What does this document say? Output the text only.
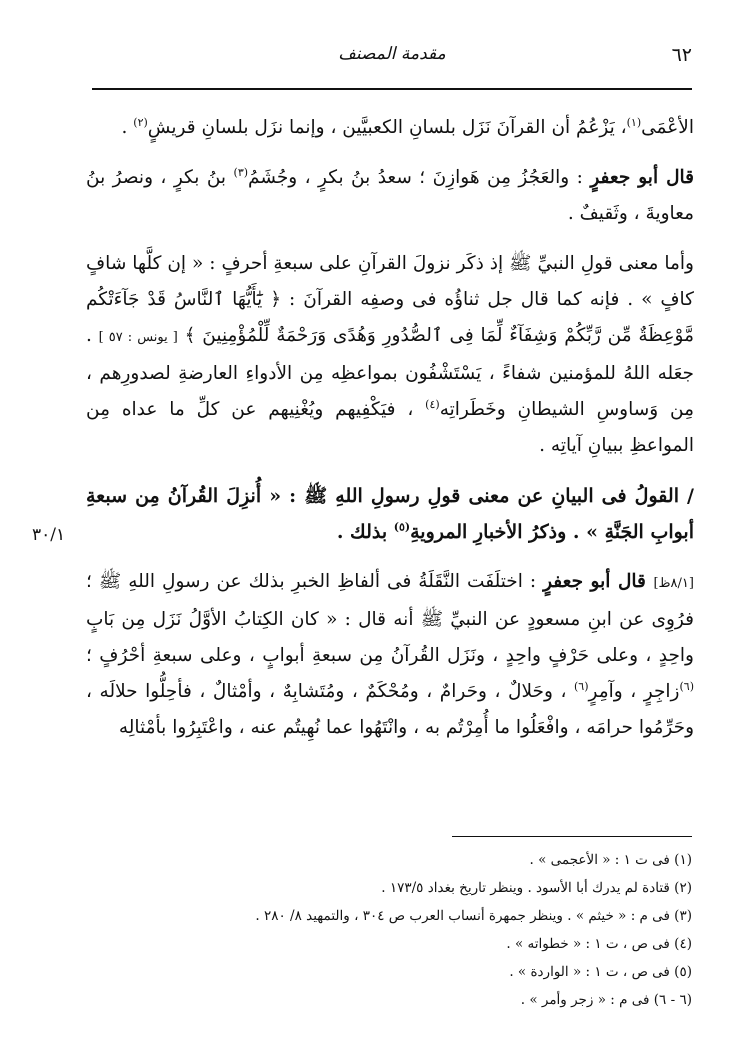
٦٢
مقدمة المصنف
٣٠/١

الأعْمَى$^{(١)}$، يَزْعُمُ أن القرآنَ نَزَل بلسانِ الكعبيَّين ، وإنما نزَل بلسانِ قريشٍ$^{(٢)}$ .

قال أبو جعفرٍ : والعَجُزُ مِن هَوازِنَ ؛ سعدُ بنُ بكرٍ ، وجُشَمُ$^{(٣)}$ بنُ بكرٍ ، ونصرُ بنُ معاويةَ ، وثَقيفٌ .

وأما معنى قولِ النبيِّ ﷺ إذ ذكَر نزولَ القرآنِ على سبعةِ أحرفٍ : « إن كلَّها شافٍ كافٍ » . فإنه كما قال جل ثناؤُه فى وصفِه القرآنَ : ﴿ يَٰٓأَيُّهَا ٱلنَّاسُ قَدْ جَآءَتْكُم مَّوْعِظَةٌ مِّن رَّبِّكُمْ وَشِفَآءٌ لِّمَا فِى ٱلصُّدُورِ وَهُدًى وَرَحْمَةٌ لِّلْمُؤْمِنِينَ ﴾ [ يونس : ٥٧ ] . جعَله اللهُ للمؤمنين شفاءً ، يَسْتَشْفُون بمواعظِه مِن الأدواءِ العارضةِ لصدورِهم ، مِن وَساوسِ الشيطانِ وخَطَراتِه$^{(٤)}$ ، فيَكْفِيهم ويُغْنِيهم عن كلِّ ما عداه مِن المواعظِ ببيانِ آياتِه .

/ القولُ فى البيانِ عن معنى قولِ رسولِ اللهِ ﷺ : « أُنزِلَ القُرآنُ مِن سبعةِ أبوابِ الجَنَّةِ » . وذكرُ الأخبارِ المرويةِ$^{(٥)}$ بذلك .

[٨/١ظ] قال أبو جعفرٍ : اختلَفَت النَّقَلَةُ فى ألفاظِ الخبرِ بذلك عن رسولِ اللهِ ﷺ ؛ فرُوِى عن ابنِ مسعودٍ عن النبيِّ ﷺ أنه قال : « كان الكِتابُ الأوَّلُ نَزَل مِن بَابٍ واحِدٍ ، وعلى حَرْفٍ واحِدٍ ، ونَزَل القُرآنُ مِن سبعةِ أبوابٍ ، وعلى سبعةِ أحْرُفٍ ؛ $^{(٦)}$زاجِرٍ ، وآمِرٍ$^{(٦)}$ ، وحَلالٌ ، وحَرامٌ ، ومُحْكَمٌ ، ومُتَشابِهٌ ، وأمْثالٌ ، فأحِلُّوا حلالَه ، وحَرِّمُوا حرامَه ، وافْعَلُوا ما أُمِرْتُم به ، وانْتَهُوا عما نُهِيتُم عنه ، واعْتَبِرُوا بأمْثالِه

(١) فى ت ١ : « الأعجمى » .
(٢) قتادة لم يدرك أبا الأسود . وينظر تاريخ بغداد ١٧٣/٥ .
(٣) فى م : « خيثم » . وينظر جمهرة أنساب العرب ص ٣٠٤ ، والتمهيد ٨/ ٢٨٠ .
(٤) فى ص ، ت ١ : « خطواته » .
(٥) فى ص ، ت ١ : « الواردة » .
(٦ - ٦) فى م : « زجر وأمر » .
